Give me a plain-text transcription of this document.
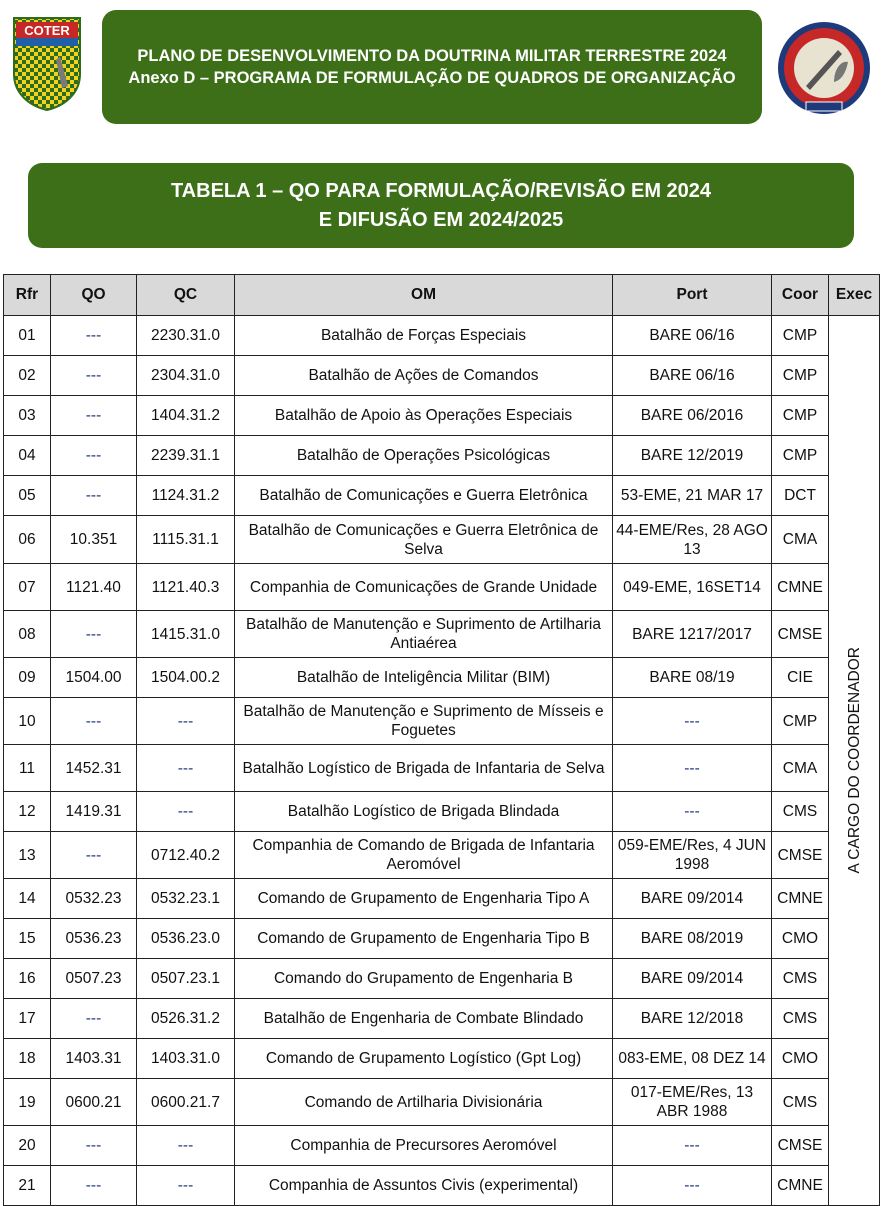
COTER
PLANO DE DESENVOLVIMENTO DA DOUTRINA MILITAR TERRESTRE 2024
Anexo D – PROGRAMA DE FORMULAÇÃO DE QUADROS DE ORGANIZAÇÃO
TABELA 1 – QO PARA FORMULAÇÃO/REVISÃO EM 2024
E DIFUSÃO EM 2024/2025
Rfr	QO	QC	OM	Port	Coor	Exec
01	---	2230.31.0	Batalhão de Forças Especiais	BARE 06/16	CMP	A CARGO DO COORDENADOR

02	---	2304.31.0	Batalhão de Ações de Comandos	BARE 06/16	CMP	
03	---	1404.31.2	Batalhão de Apoio às Operações Especiais	BARE 06/2016	CMP	
04	---	2239.31.1	Batalhão de Operações Psicológicas	BARE 12/2019	CMP	
05	---	1124.31.2	Batalhão de Comunicações e Guerra Eletrônica	53-EME, 21 MAR 17	DCT	
06	10.351	1115.31.1	Batalhão de Comunicações e Guerra Eletrônica de Selva	44-EME/Res, 28 AGO 13	CMA	
07	1121.40	1121.40.3	Companhia de Comunicações de Grande Unidade	049-EME, 16SET14	CMNE	
08	---	1415.31.0	Batalhão de Manutenção e Suprimento de Artilharia Antiaérea	BARE 1217/2017	CMSE	
09	1504.00	1504.00.2	Batalhão de Inteligência Militar (BIM)	BARE 08/19	CIE	
10	---	---	Batalhão de Manutenção e Suprimento de Mísseis e Foguetes	---	CMP	
11	1452.31	---	Batalhão Logístico de Brigada de Infantaria de Selva	---	CMA	
12	1419.31	---	Batalhão Logístico de Brigada Blindada	---	CMS	
13	---	0712.40.2	Companhia de Comando de Brigada de Infantaria Aeromóvel	059-EME/Res, 4 JUN 1998	CMSE	
14	0532.23	0532.23.1	Comando de Grupamento de Engenharia Tipo A	BARE 09/2014	CMNE	
15	0536.23	0536.23.0	Comando de Grupamento de Engenharia Tipo B	BARE 08/2019	CMO	
16	0507.23	0507.23.1	Comando do Grupamento de Engenharia B	BARE 09/2014	CMS	
17	---	0526.31.2	Batalhão de Engenharia de Combate Blindado	BARE 12/2018	CMS	
18	1403.31	1403.31.0	Comando de Grupamento Logístico (Gpt Log)	083-EME, 08 DEZ 14	CMO	
19	0600.21	0600.21.7	Comando de Artilharia Divisionária	017-EME/Res, 13 ABR 1988	CMS	
20	---	---	Companhia de Precursores Aeromóvel	---	CMSE	
21	---	---	Companhia de Assuntos Civis (experimental)	---	CMNE	
